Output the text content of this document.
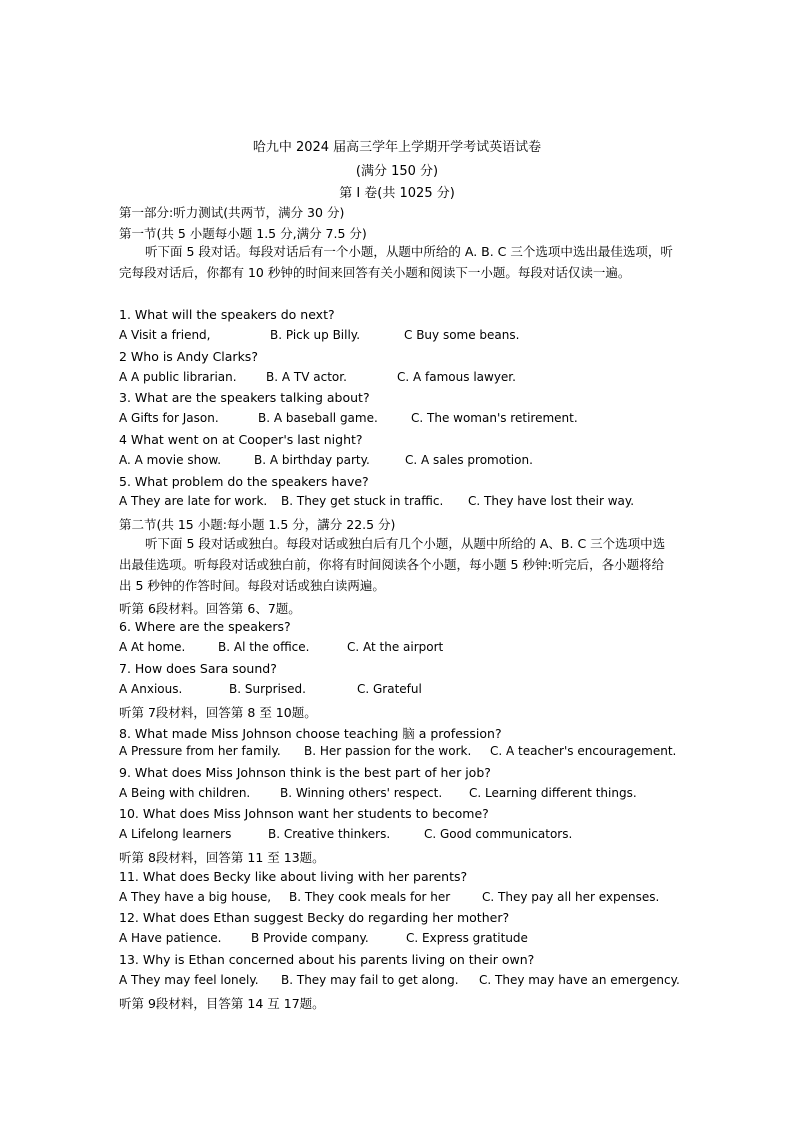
哈九中 2024 届高三学年上学期开学考试英语试卷
(满分 150 分)
第 I 卷(共 1025 分)
第一部分:听力测试(共两节，满分 30 分)
第一节(共 5 小题每小题 1.5 分,满分 7.5 分)
听下面 5 段对话。每段对话后有一个小题，从题中所给的 A. B. C 三个选项中选出最佳选项，听完每段对话后，你都有 10 秒钟的时间来回答有关小题和阅读下一小题。每段对话仅读一遍。
1. What will the speakers do next?
A Visit a friend,	B. Pick up Billy.	C Buy some beans.
2 Who is Andy Clarks?
A A public librarian. B. A TV actor.	C. A famous lawyer.
3. What are the speakers talking about?
A Gifts for Jason.	B. A baseball game.	C. The woman's retirement.
4 What went on at Cooper's last night?
A. A movie show.	B. A birthday party.	C. A sales promotion.
5. What problem do the speakers have?
A They are late for work. B. They get stuck in traffic. C. They have lost their way.
第二节(共 15 小题:每小题 1.5 分，講分 22.5 分)
听下面 5 段对话或独白。每段对话或独白后有几个小题，从题中所给的 A、B. C 三个选项中选出最佳选项。听每段对话或独白前，你将有时间阅读各个小题，每小题 5 秒钟:听完后，各小题将给出 5 秒钟的作答时间。每段对话或独白读两遍。
听第 6段材料。回答第 6、7题。
6. Where are the speakers?
A At home.	B. Al the office.	C. At the airport
7. How does Sara sound?
A Anxious.	B. Surprised.	C. Grateful
听第 7段材料，回答第 8 至 10题。
8. What made Miss Johnson choose teaching 脑 a profession?
A Pressure from her family. B. Her passion for the work. C. A teacher's encouragement.
9. What does Miss Johnson think is the best part of her job?
A Being with children. B. Winning others' respect. C. Learning different things.
10. What does Miss Johnson want her students to become?
A Lifelong learners	B. Creative thinkers.	C. Good communicators.
听第 8段材料，回答第 11 至 13题。
11. What does Becky like about living with her parents?
A They have a big house, B. They cook meals for her	C. They pay all her expenses.
12. What does Ethan suggest Becky do regarding her mother?
A Have patience. B Provide company.	C. Express gratitude
13. Why is Ethan concerned about his parents living on their own?
A They may feel lonely. B. They may fail to get along. C. They may have an emergency.
听第 9段材料，目答第 14 互 17题。
